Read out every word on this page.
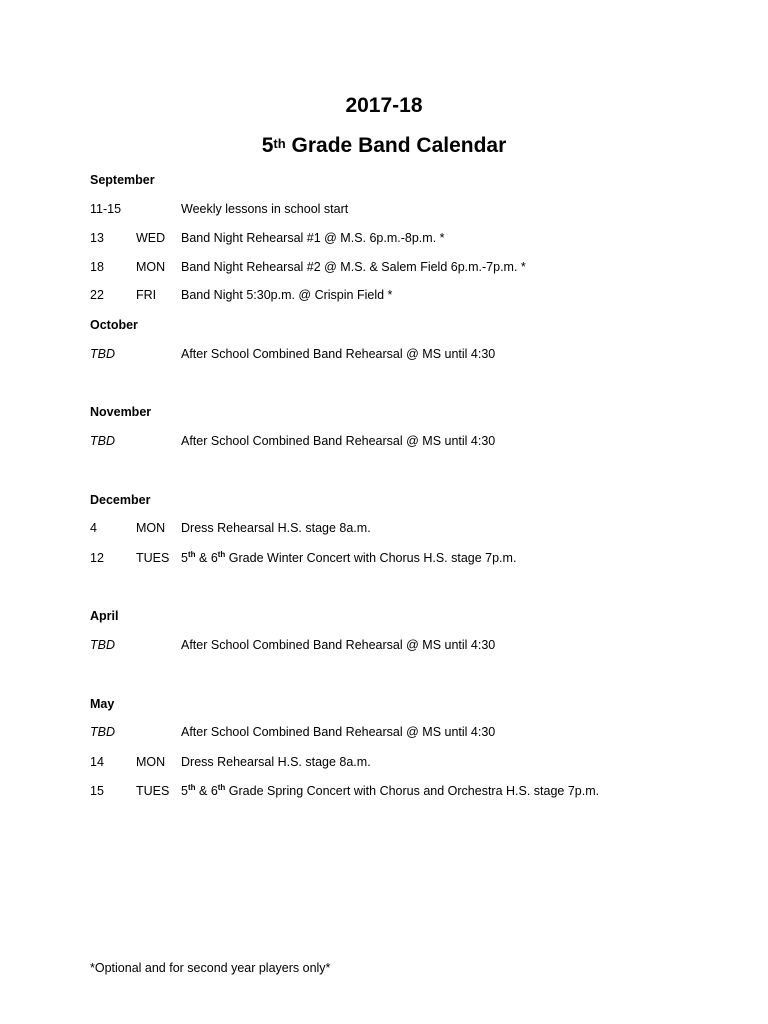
2017-18
5th Grade Band Calendar
September
11-15	Weekly lessons in school start
13	WED Band Night Rehearsal #1 @ M.S. 6p.m.-8p.m. *
18	MON Band Night Rehearsal #2 @ M.S. & Salem Field 6p.m.-7p.m. *
22	FRI Band Night 5:30p.m. @ Crispin Field *
October
TBD	After School Combined Band Rehearsal @ MS until 4:30
November
TBD	After School Combined Band Rehearsal @ MS until 4:30
December
4	MON Dress Rehearsal H.S. stage 8a.m.
12	TUES 5th & 6th Grade Winter Concert with Chorus H.S. stage 7p.m.
April
TBD	After School Combined Band Rehearsal @ MS until 4:30
May
TBD	After School Combined Band Rehearsal @ MS until 4:30
14	MON Dress Rehearsal H.S. stage 8a.m.
15	TUES 5th & 6th Grade Spring Concert with Chorus and Orchestra H.S. stage 7p.m.
*Optional and for second year players only*
